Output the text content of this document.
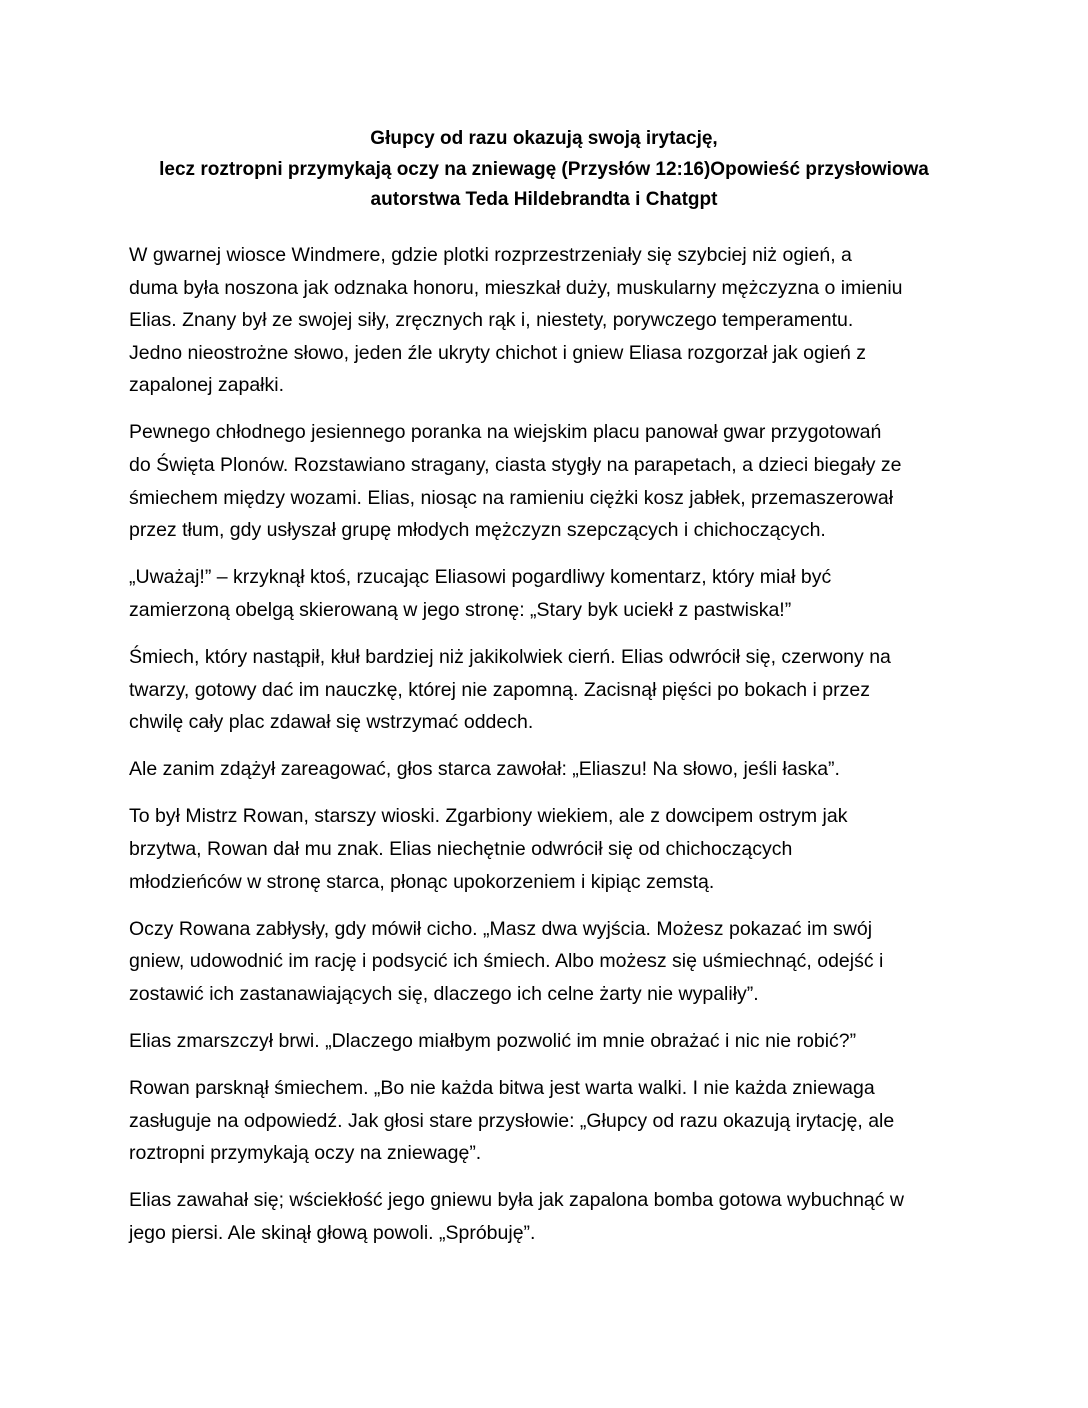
Głupcy od razu okazują swoją irytację,
lecz roztropni przymykają oczy na zniewagę (Przysłów 12:16)Opowieść przysłowiowa
autorstwa Teda Hildebrandta i Chatgpt

W gwarnej wiosce Windmere, gdzie plotki rozprzestrzeniały się szybciej niż ogień, a
duma była noszona jak odznaka honoru, mieszkał duży, muskularny mężczyzna o imieniu
Elias. Znany był ze swojej siły, zręcznych rąk i, niestety, porywczego temperamentu.
Jedno nieostrożne słowo, jeden źle ukryty chichot i gniew Eliasa rozgorzał jak ogień z
zapalonej zapałki.

Pewnego chłodnego jesiennego poranka na wiejskim placu panował gwar przygotowań
do Święta Plonów. Rozstawiano stragany, ciasta stygły na parapetach, a dzieci biegały ze
śmiechem między wozami. Elias, niosąc na ramieniu ciężki kosz jabłek, przemaszerował
przez tłum, gdy usłyszał grupę młodych mężczyzn szepczących i chichoczących.

„Uważaj!” – krzyknął ktoś, rzucając Eliasowi pogardliwy komentarz, który miał być
zamierzoną obelgą skierowaną w jego stronę: „Stary byk uciekł z pastwiska!”

Śmiech, który nastąpił, kłuł bardziej niż jakikolwiek cierń. Elias odwrócił się, czerwony na
twarzy, gotowy dać im nauczkę, której nie zapomną. Zacisnął pięści po bokach i przez
chwilę cały plac zdawał się wstrzymać oddech.

Ale zanim zdążył zareagować, głos starca zawołał: „Eliaszu! Na słowo, jeśli łaska”.

To był Mistrz Rowan, starszy wioski. Zgarbiony wiekiem, ale z dowcipem ostrym jak
brzytwa, Rowan dał mu znak. Elias niechętnie odwrócił się od chichoczących
młodzieńców w stronę starca, płonąc upokorzeniem i kipiąc zemstą.

Oczy Rowana zabłysły, gdy mówił cicho. „Masz dwa wyjścia. Możesz pokazać im swój
gniew, udowodnić im rację i podsycić ich śmiech. Albo możesz się uśmiechnąć, odejść i
zostawić ich zastanawiających się, dlaczego ich celne żarty nie wypaliły”.

Elias zmarszczył brwi. „Dlaczego miałbym pozwolić im mnie obrażać i nic nie robić?”

Rowan parsknął śmiechem. „Bo nie każda bitwa jest warta walki. I nie każda zniewaga
zasługuje na odpowiedź. Jak głosi stare przysłowie: „Głupcy od razu okazują irytację, ale
roztropni przymykają oczy na zniewagę”.

Elias zawahał się; wściekłość jego gniewu była jak zapalona bomba gotowa wybuchnąć w
jego piersi. Ale skinął głową powoli. „Spróbuję”.
